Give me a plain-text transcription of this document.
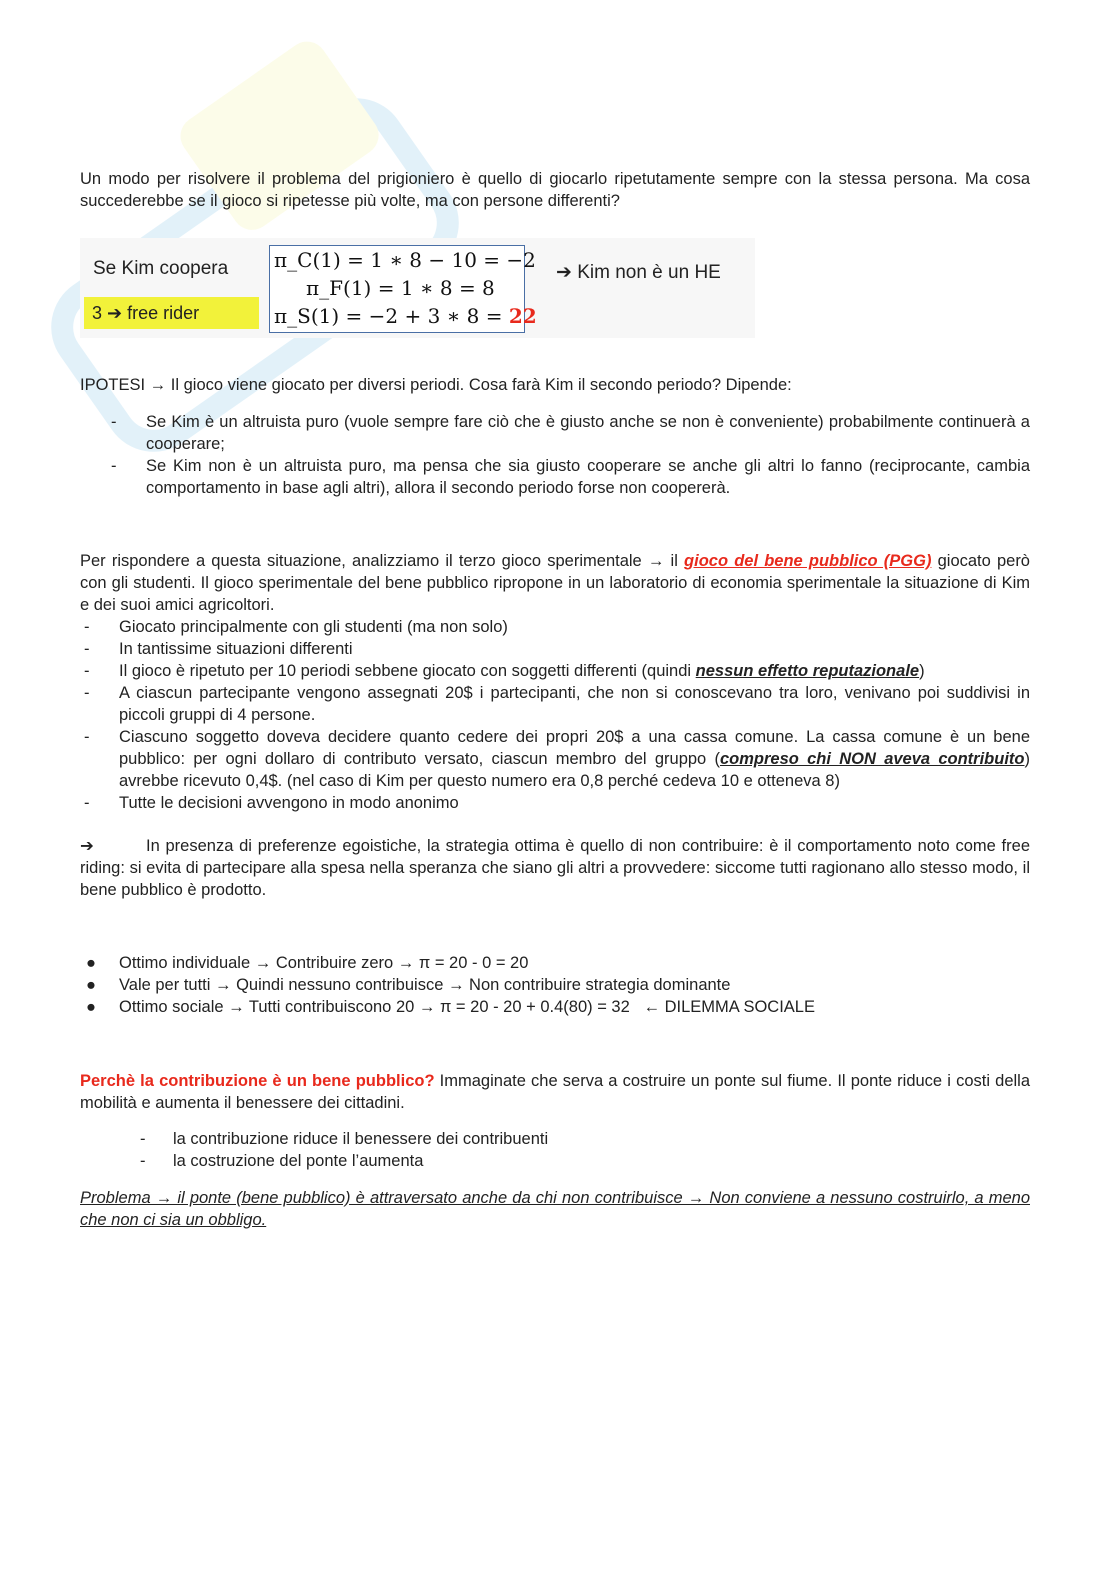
Un modo per risolvere il problema del prigioniero è quello di giocarlo ripetutamente sempre con la stessa persona. Ma cosa succederebbe se il gioco si ripetesse più volte, ma con persone differenti?
Se Kim coopera
3 ➔ free rider
π_C(1) = 1 ∗ 8 − 10 = −2
π_F(1) = 1 ∗ 8 = 8
π_S(1) = −2 + 3 ∗ 8 = 22
➔ Kim non è un HE
IPOTESI → Il gioco viene giocato per diversi periodi. Cosa farà Kim il secondo periodo? Dipende:
- Se Kim è un altruista puro (vuole sempre fare ciò che è giusto anche se non è conveniente) probabilmente continuerà a cooperare;
- Se Kim non è un altruista puro, ma pensa che sia giusto cooperare se anche gli altri lo fanno (reciprocante, cambia comportamento in base agli altri), allora il secondo periodo forse non coopererà.
Per rispondere a questa situazione, analizziamo il terzo gioco sperimentale → il gioco del bene pubblico (PGG) giocato però con gli studenti. Il gioco sperimentale del bene pubblico ripropone in un laboratorio di economia sperimentale la situazione di Kim e dei suoi amici agricoltori.
- Giocato principalmente con gli studenti (ma non solo)
- In tantissime situazioni differenti
- Il gioco è ripetuto per 10 periodi sebbene giocato con soggetti differenti (quindi nessun effetto reputazionale)
- A ciascun partecipante vengono assegnati 20$ i partecipanti, che non si conoscevano tra loro, venivano poi suddivisi in piccoli gruppi di 4 persone.
- Ciascuno soggetto doveva decidere quanto cedere dei propri 20$ a una cassa comune. La cassa comune è un bene pubblico: per ogni dollaro di contributo versato, ciascun membro del gruppo (compreso chi NON aveva contribuito) avrebbe ricevuto 0,4$. (nel caso di Kim per questo numero era 0,8 perché cedeva 10 e otteneva 8)
- Tutte le decisioni avvengono in modo anonimo
➔	In presenza di preferenze egoistiche, la strategia ottima è quello di non contribuire: è il comportamento noto come free riding: si evita di partecipare alla spesa nella speranza che siano gli altri a provvedere: siccome tutti ragionano allo stesso modo, il bene pubblico è prodotto.
● Ottimo individuale → Contribuire zero → π = 20 - 0 = 20
● Vale per tutti → Quindi nessuno contribuisce → Non contribuire strategia dominante
● Ottimo sociale → Tutti contribuiscono 20 → π = 20 - 20 + 0.4(80) = 32   ← DILEMMA SOCIALE
Perchè la contribuzione è un bene pubblico? Immaginate che serva a costruire un ponte sul fiume. Il ponte riduce i costi della mobilità e aumenta il benessere dei cittadini.
- la contribuzione riduce il benessere dei contribuenti
- la costruzione del ponte l’aumenta
Problema → il ponte (bene pubblico) è attraversato anche da chi non contribuisce → Non conviene a nessuno costruirlo, a meno che non ci sia un obbligo.
